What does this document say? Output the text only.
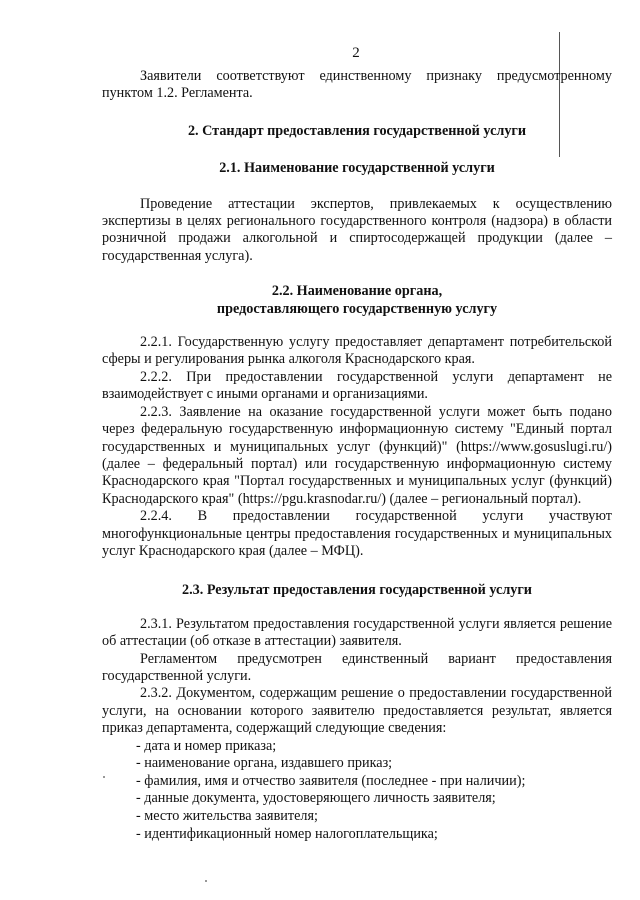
2

Заявители соответствуют единственному признаку предусмотренному пунктом 1.2. Регламента.

2. Стандарт предоставления государственной услуги
2.1. Наименование государственной услуги

Проведение аттестации экспертов, привлекаемых к осуществлению экспертизы в целях регионального государственного контроля (надзора) в области розничной продажи алкогольной и спиртосодержащей продукции (далее –государственная услуга).

2.2. Наименование органа,
предоставляющего государственную услугу

2.2.1. Государственную услугу предоставляет департамент потребительской сферы и регулирования рынка алкоголя Краснодарского края.

2.2.2. При предоставлении государственной услуги департамент не взаимодействует с иными органами и организациями.

2.2.3. Заявление на оказание государственной услуги может быть подано через федеральную государственную информационную систему "Единый портал государственных и муниципальных услуг (функций)" (https://www.gosuslugi.ru/) (далее – федеральный портал) или государственную информационную систему Краснодарского края "Портал государственных и муниципальных услуг (функций) Краснодарского края" (https://pgu.krasnodar.ru/) (далее – региональный портал).

2.2.4. В предоставлении государственной услуги участвуют многофункциональные центры предоставления государственных и муниципальных услуг Краснодарского края (далее – МФЦ).

2.3. Результат предоставления государственной услуги

2.3.1. Результатом предоставления государственной услуги является решение об аттестации (об отказе в аттестации) заявителя.

Регламентом предусмотрен единственный вариант предоставления государственной услуги.

2.3.2. Документом, содержащим решение о предоставлении государственной услуги, на основании которого заявителю предоставляется результат, является приказ департамента, содержащий следующие сведения:

- дата и номер приказа;
- наименование органа, издавшего приказ;
- фамилия, имя и отчество заявителя (последнее - при наличии);
- данные документа, удостоверяющего личность заявителя;
- место жительства заявителя;
- идентификационный номер налогоплательщика;
